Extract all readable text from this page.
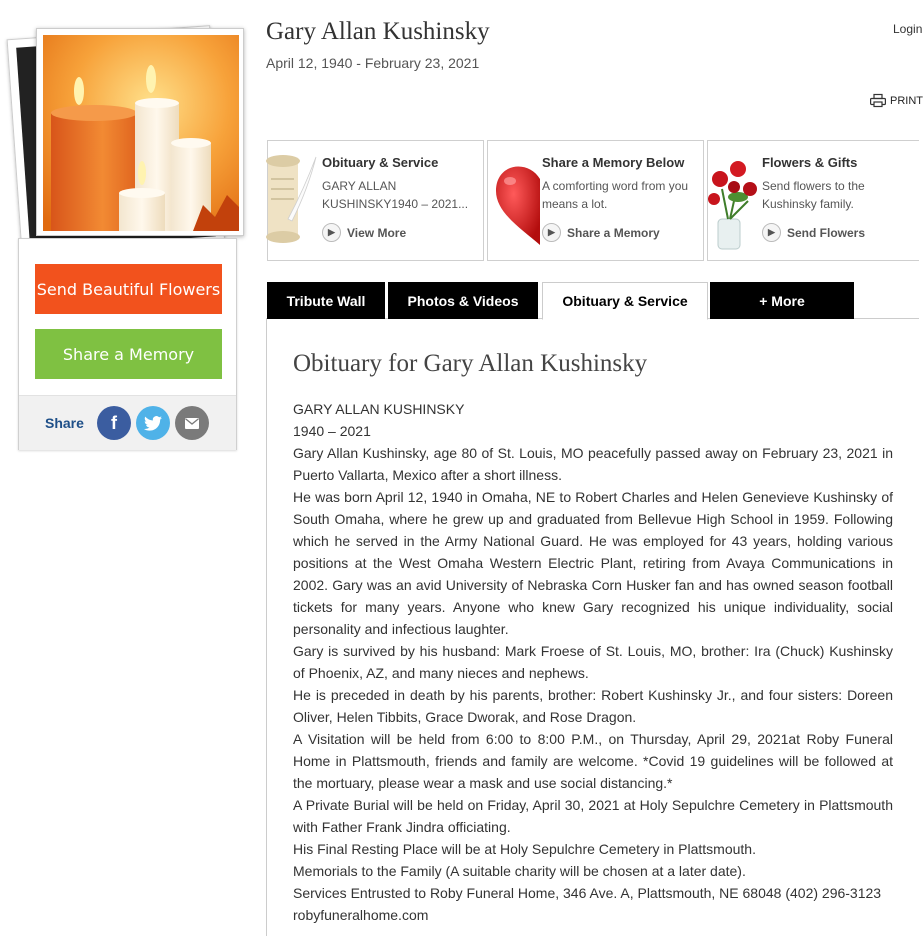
Send Beautiful Flowers
Share a Memory
Share	f
Gary Allan Kushinsky
April 12, 1940 - February 23, 2021
Login
PRINT
Obituary & Service
GARY ALLAN KUSHINSKY1940 – 2021...
▶	View More
Share a Memory Below
A comforting word from you means a lot.
▶	Share a Memory
Flowers & Gifts
Send flowers to the Kushinsky family.
▶	Send Flowers
Tribute Wall	Photos & Videos	Obituary & Service	+ More
Obituary for Gary Allan Kushinsky

GARY ALLAN KUSHINSKY

1940 – 2021

Gary Allan Kushinsky, age 80 of St. Louis, MO peacefully passed away on February 23, 2021 in Puerto Vallarta, Mexico after a short illness.

He was born April 12, 1940 in Omaha, NE to Robert Charles and Helen Genevieve Kushinsky of South Omaha, where he grew up and graduated from Bellevue High School in 1959. Following which he served in the Army National Guard. He was employed for 43 years, holding various positions at the West Omaha Western Electric Plant, retiring from Avaya Communications in 2002. Gary was an avid University of Nebraska Corn Husker fan and has owned season football tickets for many years. Anyone who knew Gary recognized his unique individuality, social personality and infectious laughter.

Gary is survived by his husband: Mark Froese of St. Louis, MO, brother: Ira (Chuck) Kushinsky of Phoenix, AZ, and many nieces and nephews.

He is preceded in death by his parents, brother: Robert Kushinsky Jr., and four sisters: Doreen Oliver, Helen Tibbits, Grace Dworak, and Rose Dragon.

A Visitation will be held from 6:00 to 8:00 P.M., on Thursday, April 29, 2021at Roby Funeral Home in Plattsmouth, friends and family are welcome. *Covid 19 guidelines will be followed at the mortuary, please wear a mask and use social distancing.*

A Private Burial will be held on Friday, April 30, 2021 at Holy Sepulchre Cemetery in Plattsmouth with Father Frank Jindra officiating.

His Final Resting Place will be at Holy Sepulchre Cemetery in Plattsmouth.

Memorials to the Family (A suitable charity will be chosen at a later date).

Services Entrusted to Roby Funeral Home, 346 Ave. A, Plattsmouth, NE 68048 (402) 296-3123

robyfuneralhome.com
